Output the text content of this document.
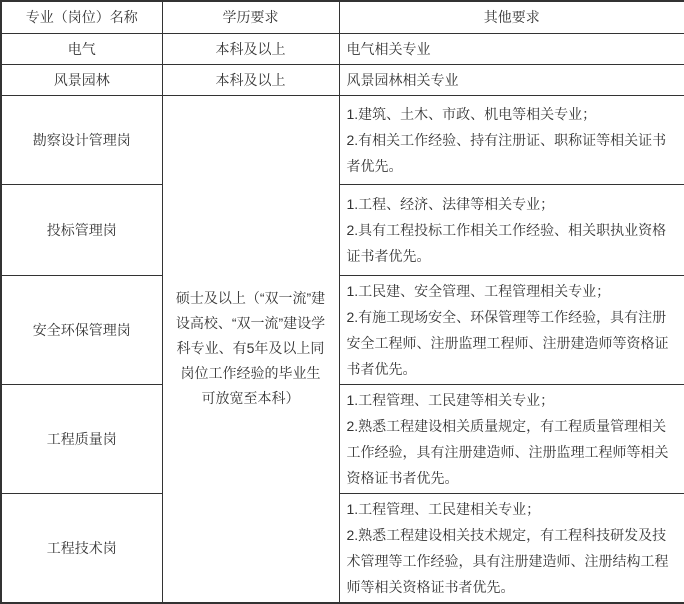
专业（岗位）名称	学历要求	其他要求
电气	本科及以上	电气相关专业
风景园林	本科及以上	风景园林相关专业
勘察设计管理岗	硕士及以上（“双一流”建设高校、“双一流”建设学科专业、有5年及以上同岗位工作经验的毕业生可放宽至本科）	1.建筑、土木、市政、机电等相关专业；
2.有相关工作经验、持有注册证、职称证等相关证书者优先。

投标管理岗		1.工程、经济、法律等相关专业；
2.具有工程投标工作相关工作经验、相关职执业资格证书者优先。

安全环保管理岗		1.工民建、安全管理、工程管理相关专业；
2.有施工现场安全、环保管理等工作经验，具有注册安全工程师、注册监理工程师、注册建造师等资格证书者优先。

工程质量岗		1.工程管理、工民建等相关专业；
2.熟悉工程建设相关质量规定，有工程质量管理相关工作经验，具有注册建造师、注册监理工程师等相关资格证书者优先。

工程技术岗		1.工程管理、工民建相关专业；
2.熟悉工程建设相关技术规定，有工程科技研发及技术管理等工作经验，具有注册建造师、注册结构工程师等相关资格证书者优先。
